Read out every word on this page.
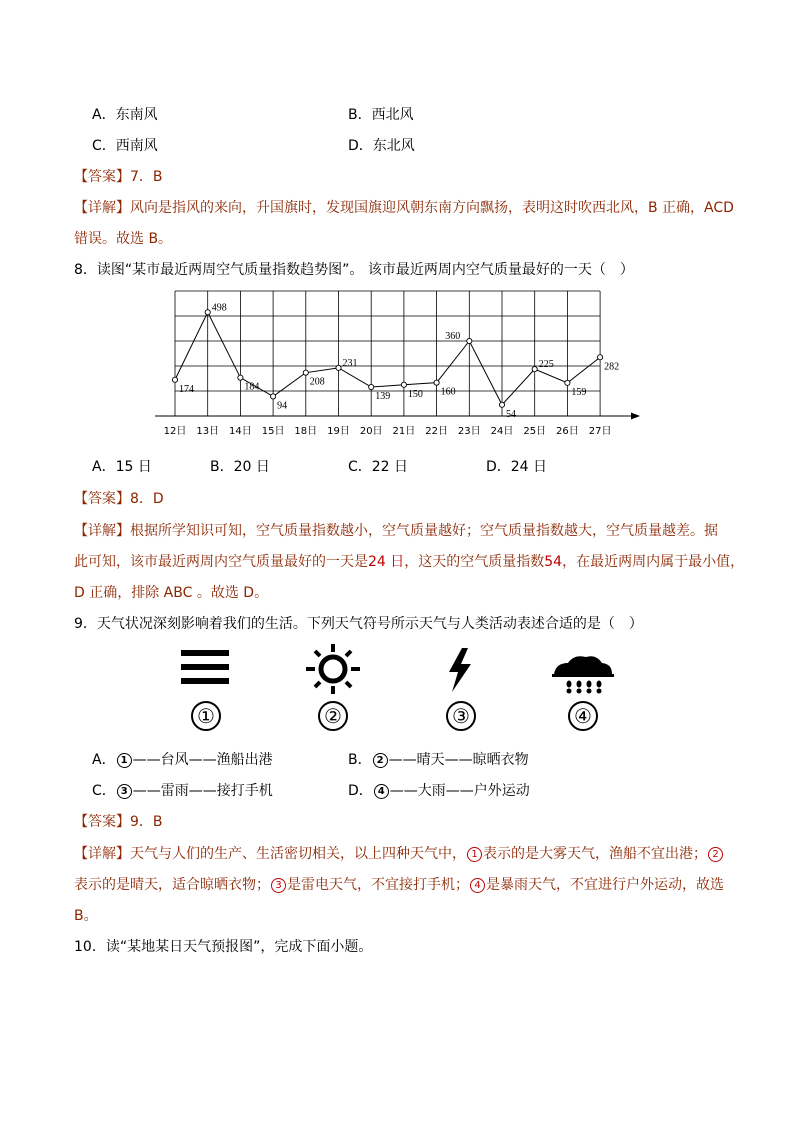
A．东南风	B．西北风
C．西南风	D．东北风
【答案】7．B
【详解】风向是指风的来向，升国旗时，发现国旗迎风朝东南方向飘扬，表明这时吹西北风，B 正确，ACD
错误。故选 B。
8．读图“某市最近两周空气质量指数趋势图”。 该市最近两周内空气质量最好的一天（　）
174
498
184
94
208
231
139 150 160
360
54
225
159
282
12日 13日 14日 15日 18日 19日 20日 21日 22日 23日 24日 25日 26日 27日
A．15 日	B．20 日	C．22 日	D．24 日
【答案】8．D
【详解】根据所学知识可知，空气质量指数越小，空气质量越好；空气质量指数越大，空气质量越差。据
此可知，该市最近两周内空气质量最好的一天是24 日，这天的空气质量指数54，在最近两周内属于最小值，
D 正确，排除 ABC 。故选 D。
9．天气状况深刻影响着我们的生活。下列天气符号所示天气与人类活动表述合适的是（　）
①	②	③	④
A． 1 ——台风——渔船出港	B． 2 ——晴天——晾晒衣物
C． 3 ——雷雨——接打手机	D． 4 ——大雨——户外运动
【答案】9．B
【详解】天气与人们的生产、生活密切相关，以上四种天气中， 1 表示的是大雾天气，渔船不宜出港； 2
表示的是晴天，适合晾晒衣物； 3 是雷电天气，不宜接打手机； 4 是暴雨天气，不宜进行户外运动，故选
B。
10．读“某地某日天气预报图”，完成下面小题。
